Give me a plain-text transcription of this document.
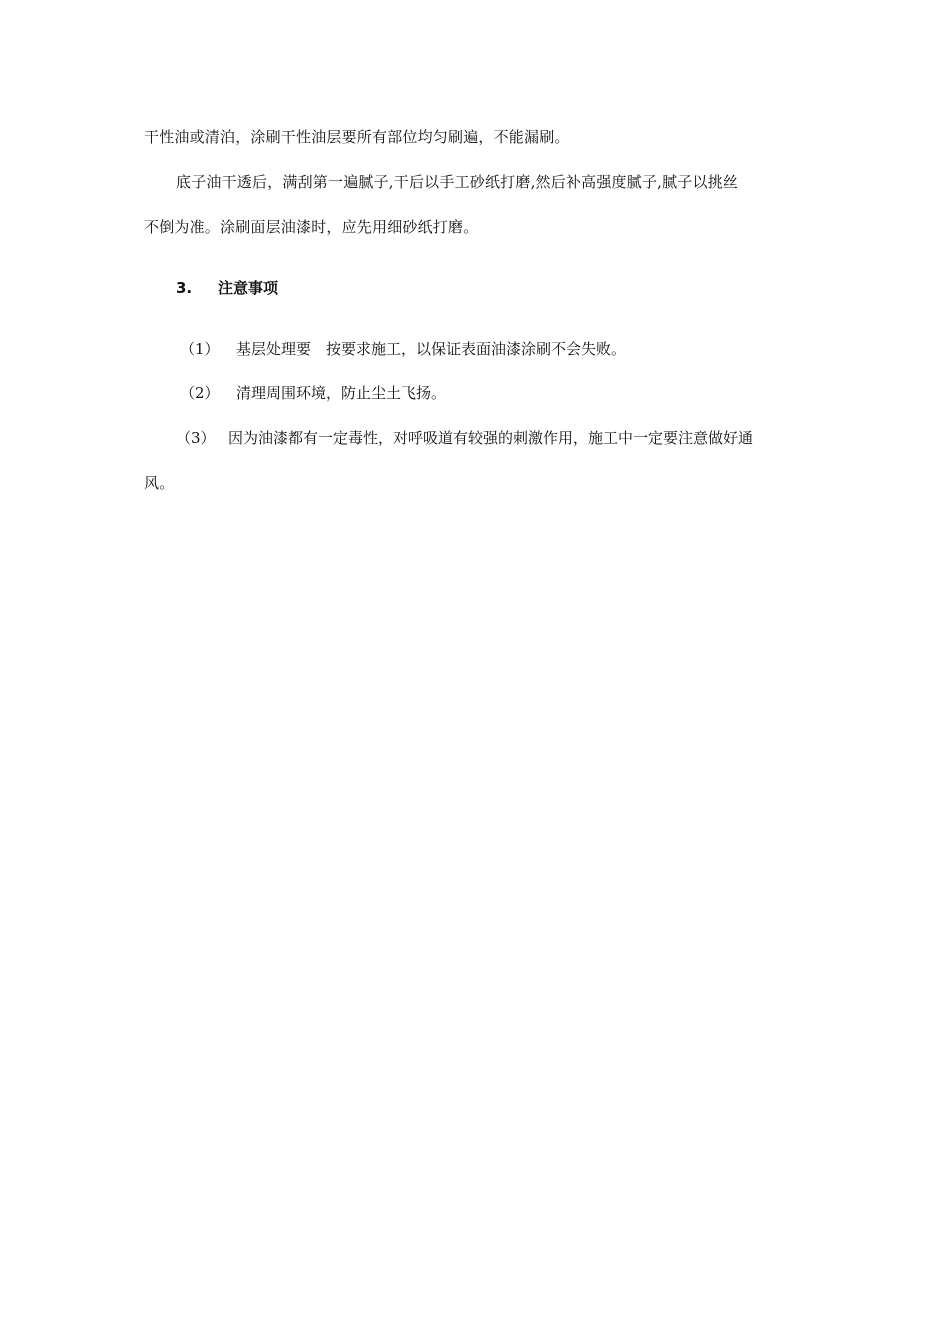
干性油或清泊，涂刷干性油层要所有部位均匀刷遍，不能漏刷。
底子油干透后，满刮第一遍腻子,干后以手工砂纸打磨,然后补高强度腻子,腻子以挑丝
不倒为准。涂刷面层油漆时，应先用细砂纸打磨。
3. 注意事项
（1） 基层处理要　按要求施工，以保证表面油漆涂刷不会失败。
（2） 清理周围环境，防止尘土飞扬。
（3） 因为油漆都有一定毒性，对呼吸道有较强的刺激作用，施工中一定要注意做好通
风。
